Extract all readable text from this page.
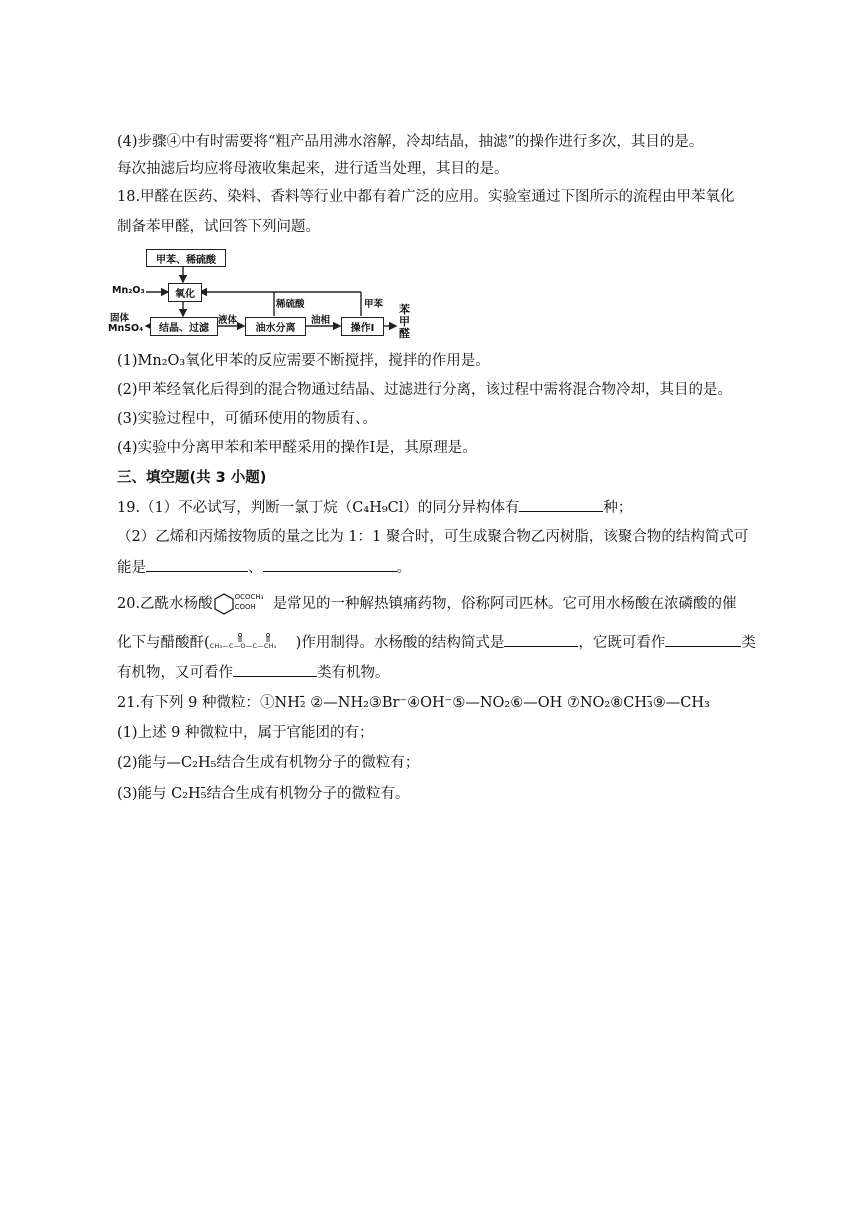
(4)步骤④中有时需要将“粗产品用沸水溶解，冷却结晶，抽滤”的操作进行多次，其目的是。
每次抽滤后均应将母液收集起来，进行适当处理，其目的是。
18.甲醛在医药、染料、香料等行业中都有着广泛的应用。实验室通过下图所示的流程由甲苯氧化
制备苯甲醛，试回答下列问题。
甲苯、稀硫酸
氧化
结晶、过滤	油水分离	操作I
Mn₂O₃
固体
MnSO₄
液体
稀硫酸
油相
甲苯 苯甲醛
(1)Mn₂O₃氧化甲苯的反应需要不断搅拌，搅拌的作用是。
(2)甲苯经氧化后得到的混合物通过结晶、过滤进行分离，该过程中需将混合物冷却，其目的是。
(3)实验过程中，可循环使用的物质有、。
(4)实验中分离甲苯和苯甲醛采用的操作I是，其原理是。
三、填空题(共 3 小题)
19.（1）不必试写，判断一氯丁烷（C₄H₉Cl）的同分异构体有	种；
（2）乙烯和丙烯按物质的量之比为 1：1 聚合时，可生成聚合物乙丙树脂，该聚合物的结构简式可
能是	、	。
20.乙酰水杨酸	OCOCH₃
COOH 是常见的一种解热镇痛药物，俗称阿司匹林。它可用水杨酸在浓磷酸的催
化下与醋酸酐( CH₃—C—O—C—CH₃ )作用制得。水杨酸的结构简式是	，它既可看作	类
有机物，又可看作	类有机物。
21.有下列 9 种微粒：①NH₂̄ ②—NH₂③Br⁻④OH⁻⑤—NO₂⑥—OH ⑦NO₂⑧CH₃̄⑨—CH₃
(1)上述 9 种微粒中，属于官能团的有；
(2)能与—C₂H₅结合生成有机物分子的微粒有；
(3)能与 C₂H₅̄结合生成有机物分子的微粒有。
